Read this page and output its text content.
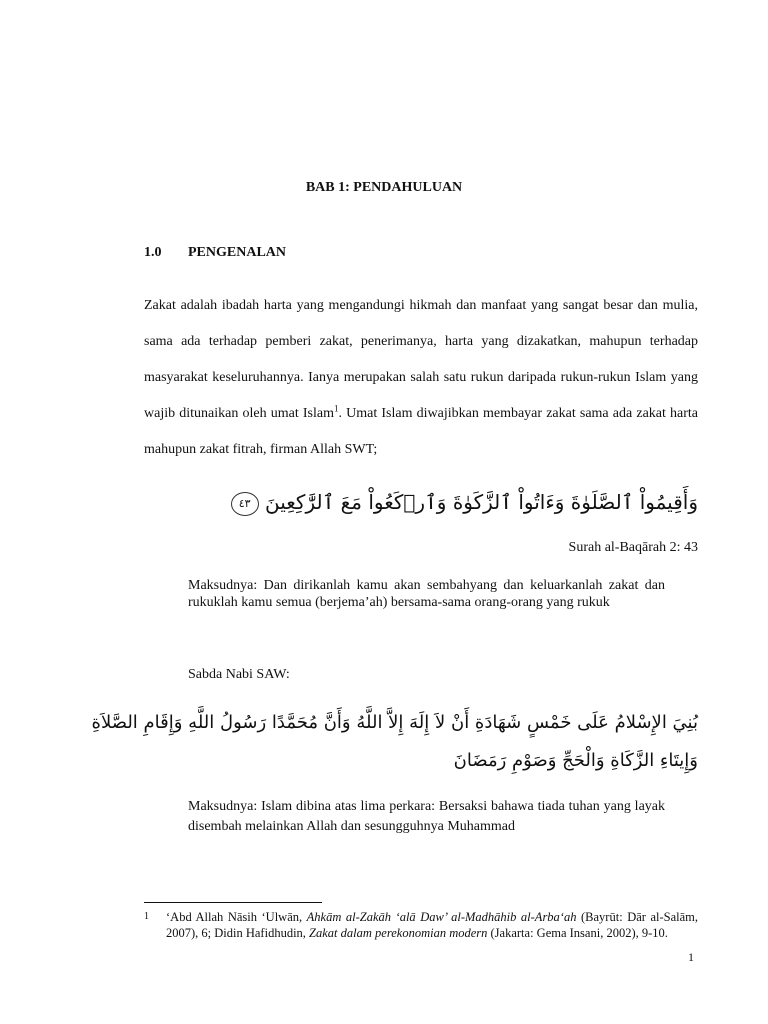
BAB 1: PENDAHULUAN
1.0 PENGENALAN

Zakat adalah ibadah harta yang mengandungi hikmah dan manfaat yang sangat besar dan mulia, sama ada terhadap pemberi zakat, penerimanya, harta yang dizakatkan, mahupun terhadap masyarakat keseluruhannya. Ianya merupakan salah satu rukun daripada rukun-rukun Islam yang wajib ditunaikan oleh umat Islam$^1$. Umat Islam diwajibkan membayar zakat sama ada zakat harta mahupun zakat fitrah, firman Allah SWT;

وَأَقِيمُواْ ٱلصَّلَوٰةَ وَءَاتُواْ ٱلزَّكَوٰةَ وَٱرۡكَعُواْ مَعَ ٱلرَّٰكِعِينَ ٤٣
Surah al-Baqārah 2: 43
Maksudnya: Dan dirikanlah kamu akan sembahyang dan keluarkanlah zakat dan rukuklah kamu semua (berjema’ah) bersama-sama orang-orang yang rukuk
Sabda Nabi SAW:
بُنِيَ الإِسْلامُ عَلَى خَمْسٍ شَهَادَةِ أَنْ لاَ إِلَهَ إِلاَّ اللَّهُ وَأَنَّ مُحَمَّدًا رَسُولُ اللَّهِ وَإِقَامِ الصَّلاَةِ
وَإِيتَاءِ الزَّكَاةِ وَالْحَجِّ وَصَوْمِ رَمَضَانَ
Maksudnya: Islam dibina atas lima perkara: Bersaksi bahawa tiada tuhan yang layak disembah melainkan Allah dan sesungguhnya Muhammad
1 ‘Abd Allah Nāsih ‘Ulwān, Ahkām al-Zakāh ‘alā Daw’ al-Madhāhib al-Arba‘ah (Bayrūt: Dār al-Salām, 2007), 6; Didin Hafidhudin, Zakat dalam perekonomian modern (Jakarta: Gema Insani, 2002), 9-10.
1
